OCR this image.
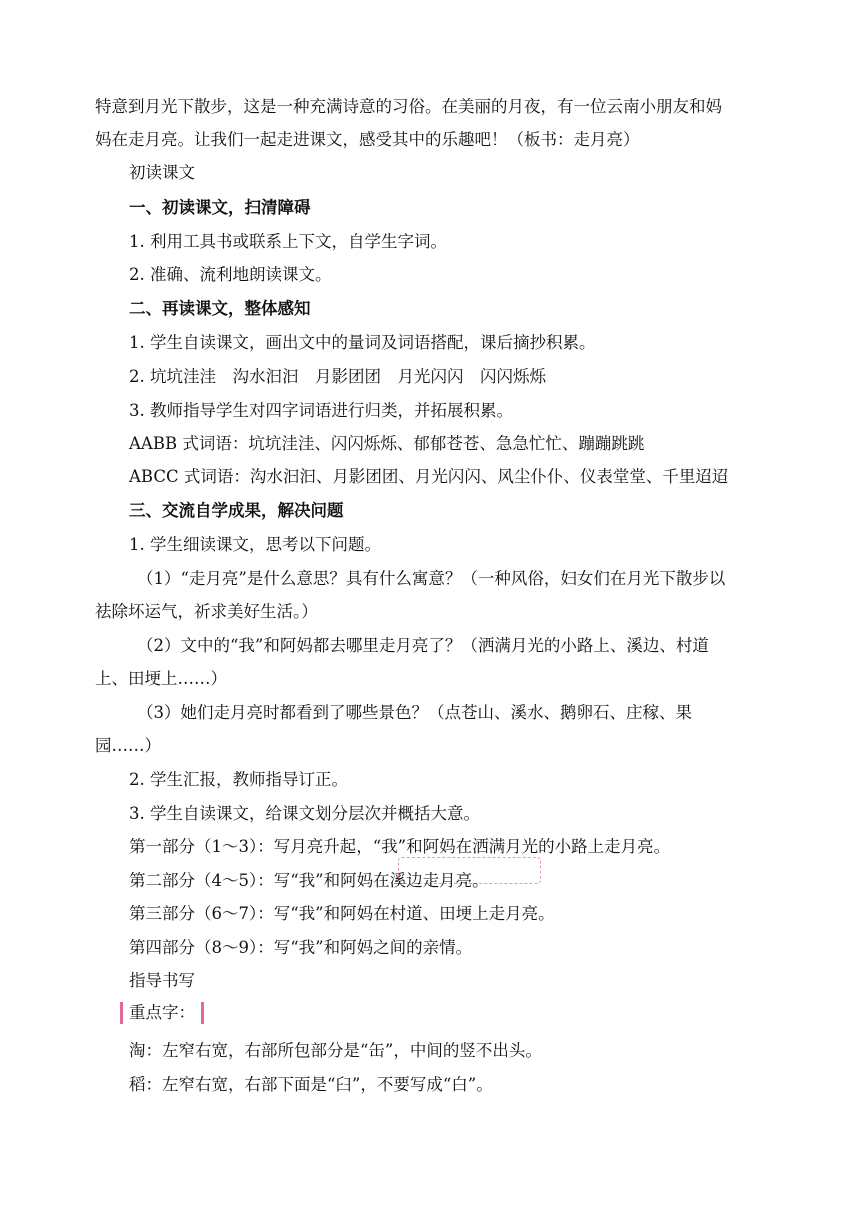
特意到月光下散步，这是一种充满诗意的习俗。在美丽的月夜，有一位云南小朋友和妈
妈在走月亮。让我们一起走进课文，感受其中的乐趣吧！（板书：走月亮）
初读课文
一、初读课文，扫清障碍
1. 利用工具书或联系上下文，自学生字词。
2. 准确、流利地朗读课文。
二、再读课文，整体感知
1. 学生自读课文，画出文中的量词及词语搭配，课后摘抄积累。
2. 坑坑洼洼　沟水汩汩　月影团团　月光闪闪　闪闪烁烁
3. 教师指导学生对四字词语进行归类，并拓展积累。
AABB 式词语：坑坑洼洼、闪闪烁烁、郁郁苍苍、急急忙忙、蹦蹦跳跳
ABCC 式词语：沟水汩汩、月影团团、月光闪闪、风尘仆仆、仪表堂堂、千里迢迢
三、交流自学成果，解决问题
1. 学生细读课文，思考以下问题。
（1）“走月亮”是什么意思？具有什么寓意？（一种风俗，妇女们在月光下散步以
祛除坏运气，祈求美好生活。）
（2）文中的“我”和阿妈都去哪里走月亮了？（洒满月光的小路上、溪边、村道
上、田埂上……）
（3）她们走月亮时都看到了哪些景色？（点苍山、溪水、鹅卵石、庄稼、果
园……）
2. 学生汇报，教师指导订正。
3. 学生自读课文，给课文划分层次并概括大意。
第一部分（1～3）：写月亮升起，“我”和阿妈在洒满月光的小路上走月亮。
第二部分（4～5）：写“我”和阿妈在溪边走月亮。
第三部分（6～7）：写“我”和阿妈在村道、田埂上走月亮。
第四部分（8～9）：写“我”和阿妈之间的亲情。
指导书写
重点字：
淘：左窄右宽，右部所包部分是“缶”，中间的竖不出头。
稻：左窄右宽，右部下面是“臼”，不要写成“白”。
